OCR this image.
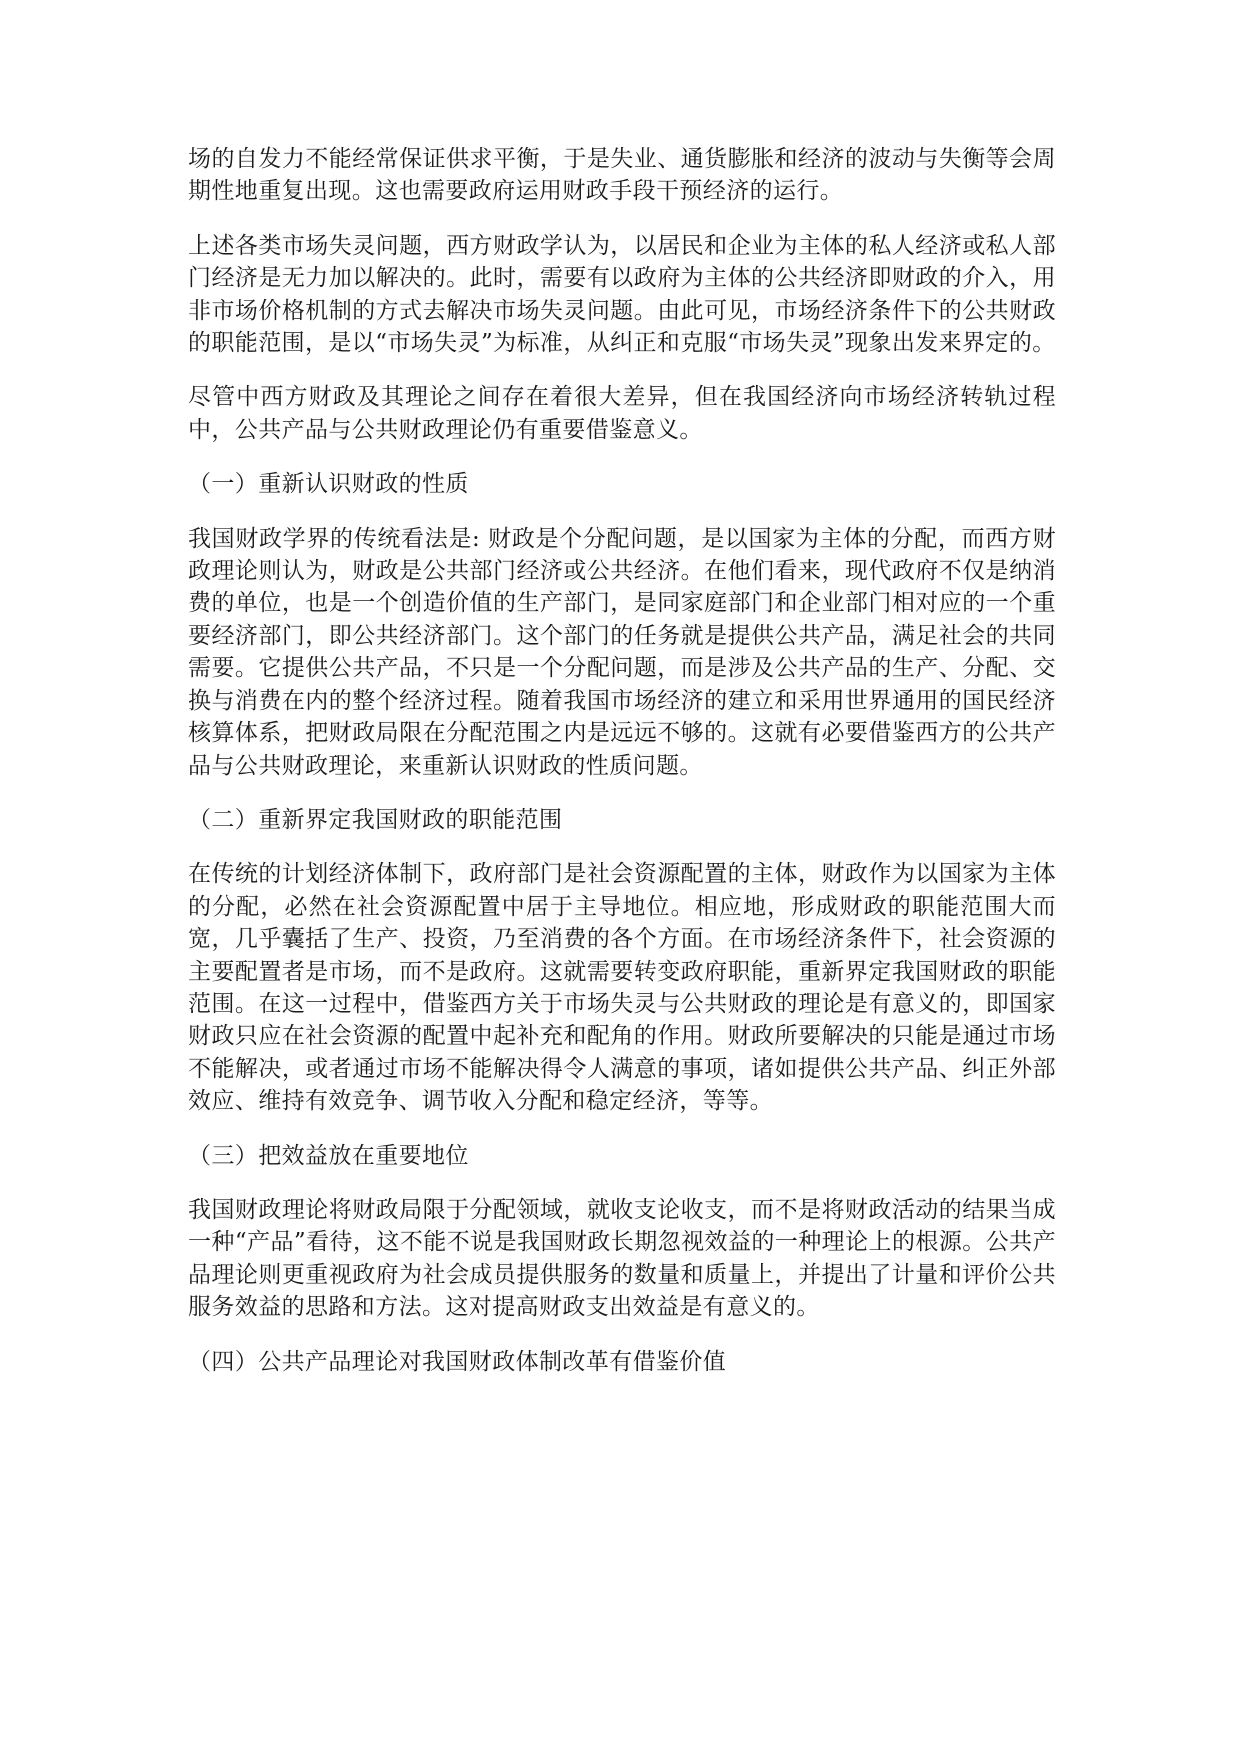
场的自发力不能经常保证供求平衡，于是失业、通货膨胀和经济的波动与失衡等会周期性地重复出现。这也需要政府运用财政手段干预经济的运行。

上述各类市场失灵问题，西方财政学认为，以居民和企业为主体的私人经济或私人部门经济是无力加以解决的。此时，需要有以政府为主体的公共经济即财政的介入，用非市场价格机制的方式去解决市场失灵问题。由此可见，市场经济条件下的公共财政的职能范围，是以“市场失灵”为标准，从纠正和克服“市场失灵”现象出发来界定的。

尽管中西方财政及其理论之间存在着很大差异，但在我国经济向市场经济转轨过程中，公共产品与公共财政理论仍有重要借鉴意义。

（一）重新认识财政的性质

我国财政学界的传统看法是: 财政是个分配问题，是以国家为主体的分配，而西方财政理论则认为，财政是公共部门经济或公共经济。在他们看来，现代政府不仅是纳消费的单位，也是一个创造价值的生产部门，是同家庭部门和企业部门相对应的一个重要经济部门，即公共经济部门。这个部门的任务就是提供公共产品，满足社会的共同需要。它提供公共产品，不只是一个分配问题，而是涉及公共产品的生产、分配、交换与消费在内的整个经济过程。随着我国市场经济的建立和采用世界通用的国民经济核算体系，把财政局限在分配范围之内是远远不够的。这就有必要借鉴西方的公共产品与公共财政理论，来重新认识财政的性质问题。

（二）重新界定我国财政的职能范围

在传统的计划经济体制下，政府部门是社会资源配置的主体，财政作为以国家为主体的分配，必然在社会资源配置中居于主导地位。相应地，形成财政的职能范围大而宽，几乎囊括了生产、投资，乃至消费的各个方面。在市场经济条件下，社会资源的主要配置者是市场，而不是政府。这就需要转变政府职能，重新界定我国财政的职能范围。在这一过程中，借鉴西方关于市场失灵与公共财政的理论是有意义的，即国家财政只应在社会资源的配置中起补充和配角的作用。财政所要解决的只能是通过市场不能解决，或者通过市场不能解决得令人满意的事项，诸如提供公共产品、纠正外部效应、维持有效竞争、调节收入分配和稳定经济，等等。

（三）把效益放在重要地位

我国财政理论将财政局限于分配领域，就收支论收支，而不是将财政活动的结果当成一种“产品”看待，这不能不说是我国财政长期忽视效益的一种理论上的根源。公共产品理论则更重视政府为社会成员提供服务的数量和质量上，并提出了计量和评价公共服务效益的思路和方法。这对提高财政支出效益是有意义的。

（四）公共产品理论对我国财政体制改革有借鉴价值
